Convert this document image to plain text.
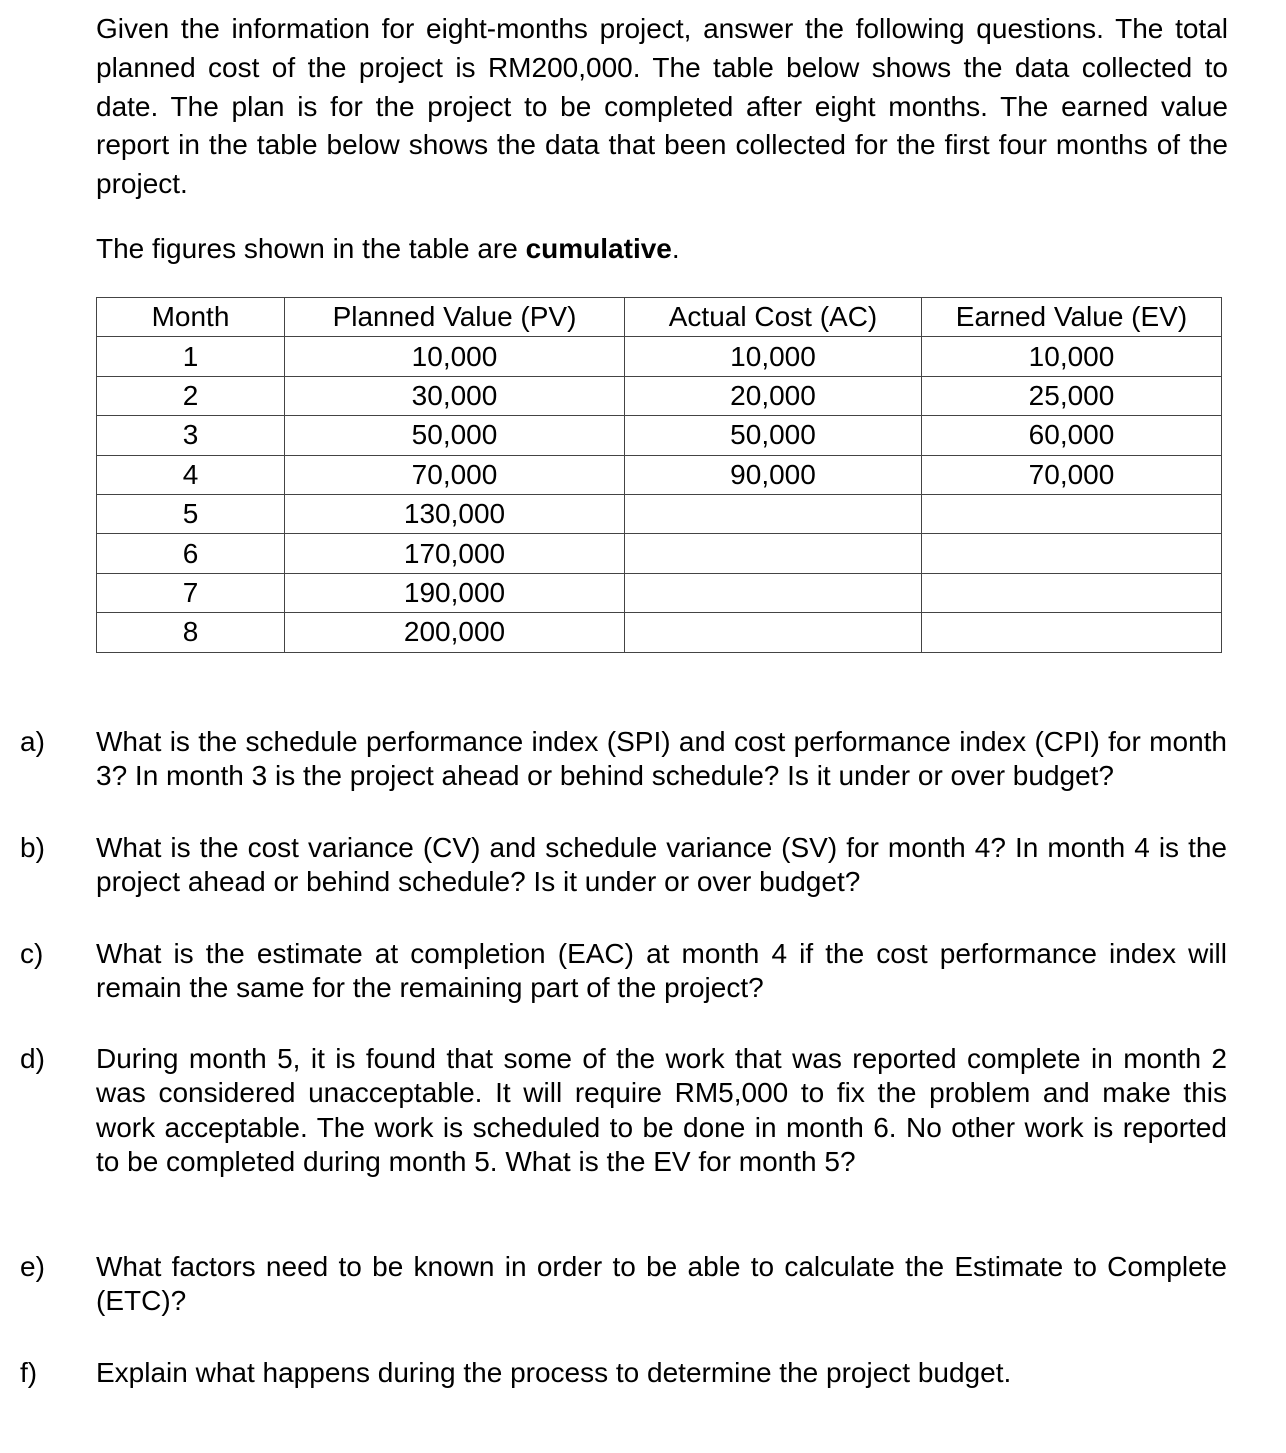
Given the information for eight-months project, answer the following questions. The total planned cost of the project is RM200,000. The table below shows the data collected to date. The plan is for the project to be completed after eight months. The earned value report in the table below shows the data that been collected for the first four months of the project.

The figures shown in the table are cumulative.

Month	Planned Value (PV)	Actual Cost (AC)	Earned Value (EV)
1	10,000	10,000	10,000
2	30,000	20,000	25,000
3	50,000	50,000	60,000
4	70,000	90,000	70,000
5	130,000		
6	170,000		
7	190,000		
8	200,000		
a) What is the schedule performance index (SPI) and cost performance index (CPI) for month 3? In month 3 is the project ahead or behind schedule? Is it under or over budget?

b) What is the cost variance (CV) and schedule variance (SV) for month 4? In month 4 is the project ahead or behind schedule? Is it under or over budget?

c) What is the estimate at completion (EAC) at month 4 if the cost performance index will remain the same for the remaining part of the project?

d) During month 5, it is found that some of the work that was reported complete in month 2 was considered unacceptable. It will require RM5,000 to fix the problem and make this work acceptable. The work is scheduled to be done in month 6. No other work is reported to be completed during month 5. What is the EV for month 5?

e) What factors need to be known in order to be able to calculate the Estimate to Complete (ETC)?

f) Explain what happens during the process to determine the project budget.
